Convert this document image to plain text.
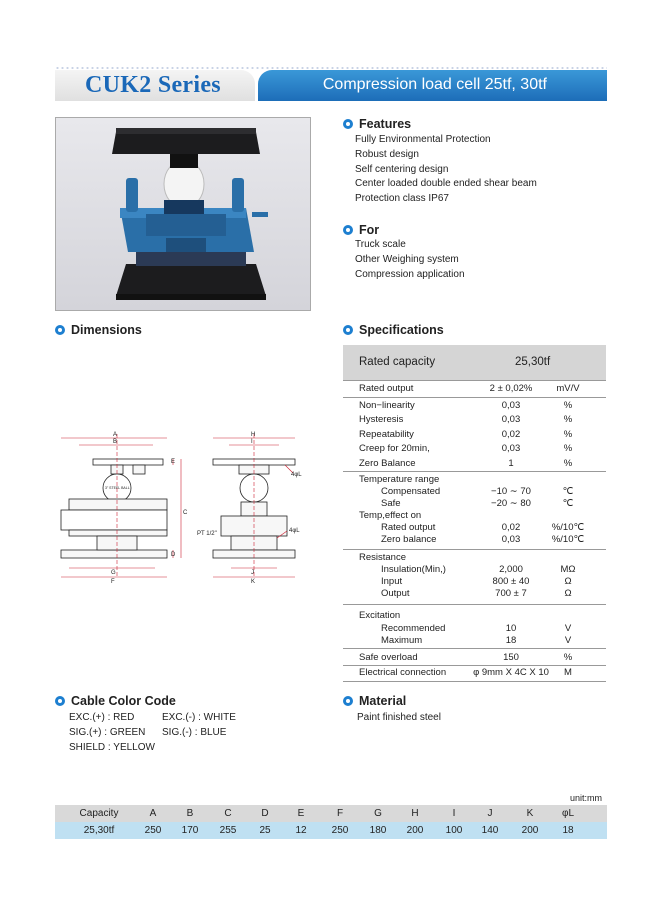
CUK2 Series	Compression load cell 25tf, 30tf
Features
Fully Environmental Protection
Robust design
Self centering design
Center loaded double ended shear beam
Protection class IP67
For
Truck scale
Other Weighing system
Compression application
Dimensions
A
B
E
C
D
G
F
3" STEEL BALL
PT 1/2"
H
I
J
K
4φL
4φL
Specifications
Rated capacity	25,30tf
Rated output	2 ± 0,02%	mV/V
Non−linearity	0,03	%
Hysteresis	0,03	%
Repeatability	0,02	%
Creep for 20min,	0,03	%
Zero Balance	1	%
Temperature range
Compensated	−10 ∼ 70	℃
Safe	−20 ∼ 80	℃
Temp,effect on
Rated output	0,02	%/10℃
Zero balance	0,03	%/10℃
Resistance
Insulation(Min,)	2,000	MΩ
Input	800 ± 40	Ω
Output	700 ± 7	Ω
Excitation
Recommended	10	V
Maximum	18	V
Safe overload	150	%
Electrical connection	φ 9mm X 4C X 10	M
Cable Color Code
EXC.(+) : RED
SIG.(+) : GREEN
SHIELD : YELLOW
EXC.(-) : WHITE
SIG.(-) : BLUE
Material
Paint finished steel
unit:mm
Capacity	A	B	C	D	E	F	G	H	I	J	K	φL
25,30tf	250	170	255	25	12	250	180	200	100	140	200	18
